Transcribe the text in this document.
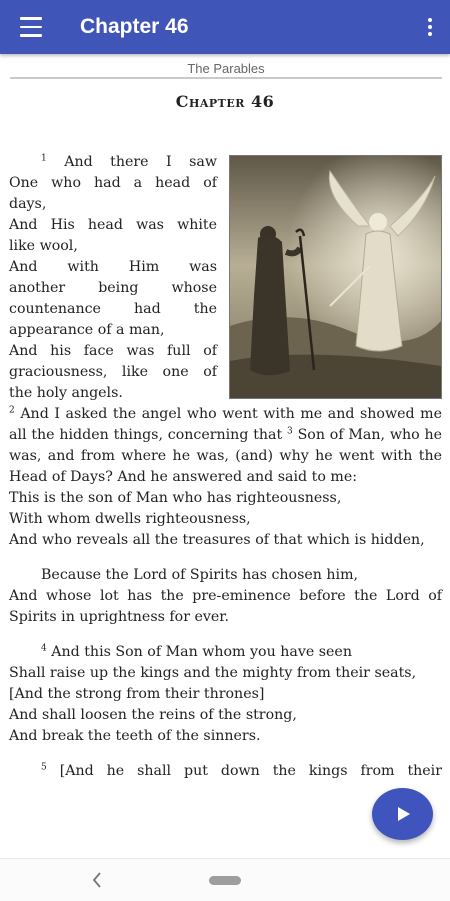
Chapter 46
The Parables
Chapter 46

$^1$ And there I saw

One who had a head of

days,

And His head was white

like wool,

And with Him was

another being whose

countenance had the

appearance of a man,

And his face was full of

graciousness, like one of

the holy angels.

$^2$ And I asked the angel who went with me and showed me all the hidden things, concerning that $^3$ Son of Man, who he was, and from where he was, (and) why he went with the Head of Days? And he answered and said to me:

This is the son of Man who has righteousness,

With whom dwells righteousness,

And who reveals all the treasures of that which is hidden,

Because the Lord of Spirits has chosen him,

And whose lot has the pre-eminence before the Lord of Spirits in uprightness for ever.

$^4$ And this Son of Man whom you have seen

Shall raise up the kings and the mighty from their seats,

[And the strong from their thrones]

And shall loosen the reins of the strong,

And break the teeth of the sinners.

$^5$ [And he shall put down the kings from their
